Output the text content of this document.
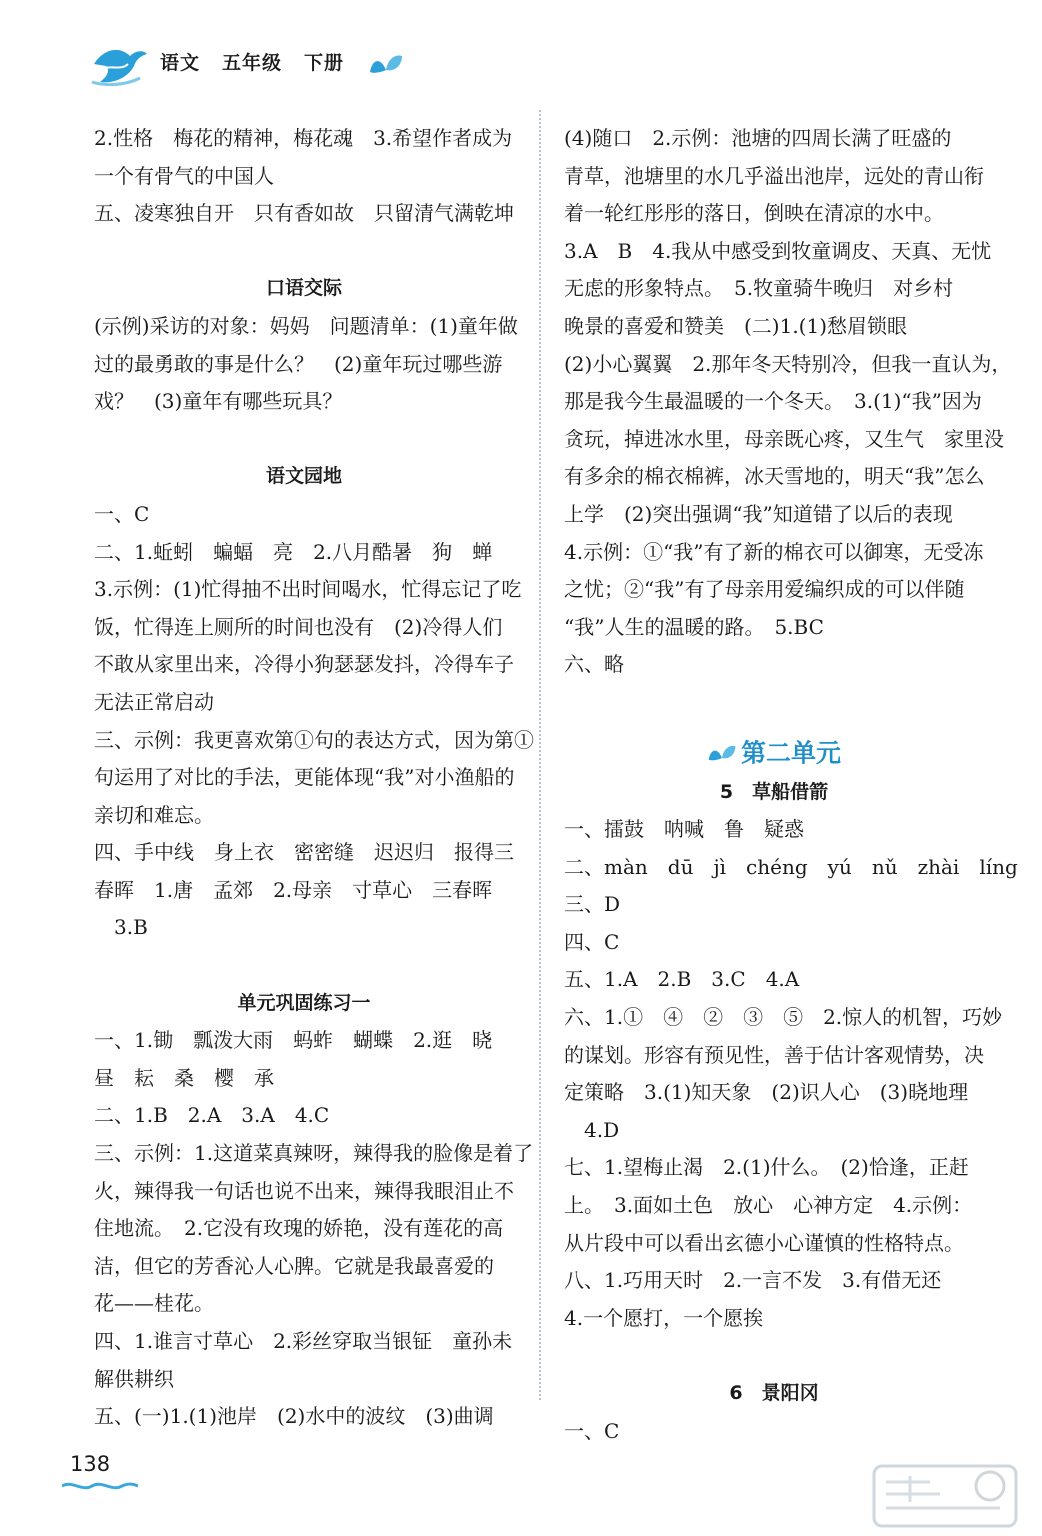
语文 五年级 下册
2.性格　梅花的精神，梅花魂　3.希望作者成为
一个有骨气的中国人
五、凌寒独自开　只有香如故　只留清气满乾坤
口语交际
(示例)采访的对象：妈妈　问题清单：(1)童年做
过的最勇敢的事是什么？　(2)童年玩过哪些游
戏？　(3)童年有哪些玩具？
语文园地
一、C
二、1.蚯蚓　蝙蝠　亮　2.八月酷暑　狗　蝉
3.示例：(1)忙得抽不出时间喝水，忙得忘记了吃
饭，忙得连上厕所的时间也没有　(2)冷得人们
不敢从家里出来，冷得小狗瑟瑟发抖，冷得车子
无法正常启动
三、示例：我更喜欢第①句的表达方式，因为第①
句运用了对比的手法，更能体现“我”对小渔船的
亲切和难忘。
四、手中线　身上衣　密密缝　迟迟归　报得三
春晖　1.唐　孟郊　2.母亲　寸草心　三春晖
　3.B
单元巩固练习一
一、1.锄　瓢泼大雨　蚂蚱　蝴蝶　2.逛　晓
昼　耘　桑　樱　承
二、1.B　2.A　3.A　4.C
三、示例：1.这道菜真辣呀，辣得我的脸像是着了
火，辣得我一句话也说不出来，辣得我眼泪止不
住地流。　2.它没有玫瑰的娇艳，没有莲花的高
洁，但它的芳香沁人心脾。它就是我最喜爱的
花——桂花。
四、1.谁言寸草心　2.彩丝穿取当银钲　童孙未
解供耕织
五、(一)1.(1)池岸　(2)水中的波纹　(3)曲调
(4)随口　2.示例：池塘的四周长满了旺盛的
青草，池塘里的水几乎溢出池岸，远处的青山衔
着一轮红彤彤的落日，倒映在清凉的水中。
3.A　B　4.我从中感受到牧童调皮、天真、无忧
无虑的形象特点。　5.牧童骑牛晚归　对乡村
晚景的喜爱和赞美　(二)1.(1)愁眉锁眼
(2)小心翼翼　2.那年冬天特别冷，但我一直认为，
那是我今生最温暖的一个冬天。　3.(1)“我”因为
贪玩，掉进冰水里，母亲既心疼，又生气　家里没
有多余的棉衣棉裤，冰天雪地的，明天“我”怎么
上学　(2)突出强调“我”知道错了以后的表现
4.示例：①“我”有了新的棉衣可以御寒，无受冻
之忧；②“我”有了母亲用爱编织成的可以伴随
“我”人生的温暖的路。　5.BC
六、略
第二单元
5　草船借箭
一、擂鼓　呐喊　鲁　疑惑
二、màn　dū　jì　chéng　yú　nǔ　zhài　líng
三、D
四、C
五、1.A　2.B　3.C　4.A
六、1.①　④　②　③　⑤　2.惊人的机智，巧妙
的谋划。形容有预见性，善于估计客观情势，决
定策略　3.(1)知天象　(2)识人心　(3)晓地理
　4.D
七、1.望梅止渴　2.(1)什么。　(2)恰逢，正赶
上。　3.面如土色　放心　心神方定　4.示例：
从片段中可以看出玄德小心谨慎的性格特点。
八、1.巧用天时　2.一言不发　3.有借无还
4.一个愿打，一个愿挨
6　景阳冈
一、C
138
